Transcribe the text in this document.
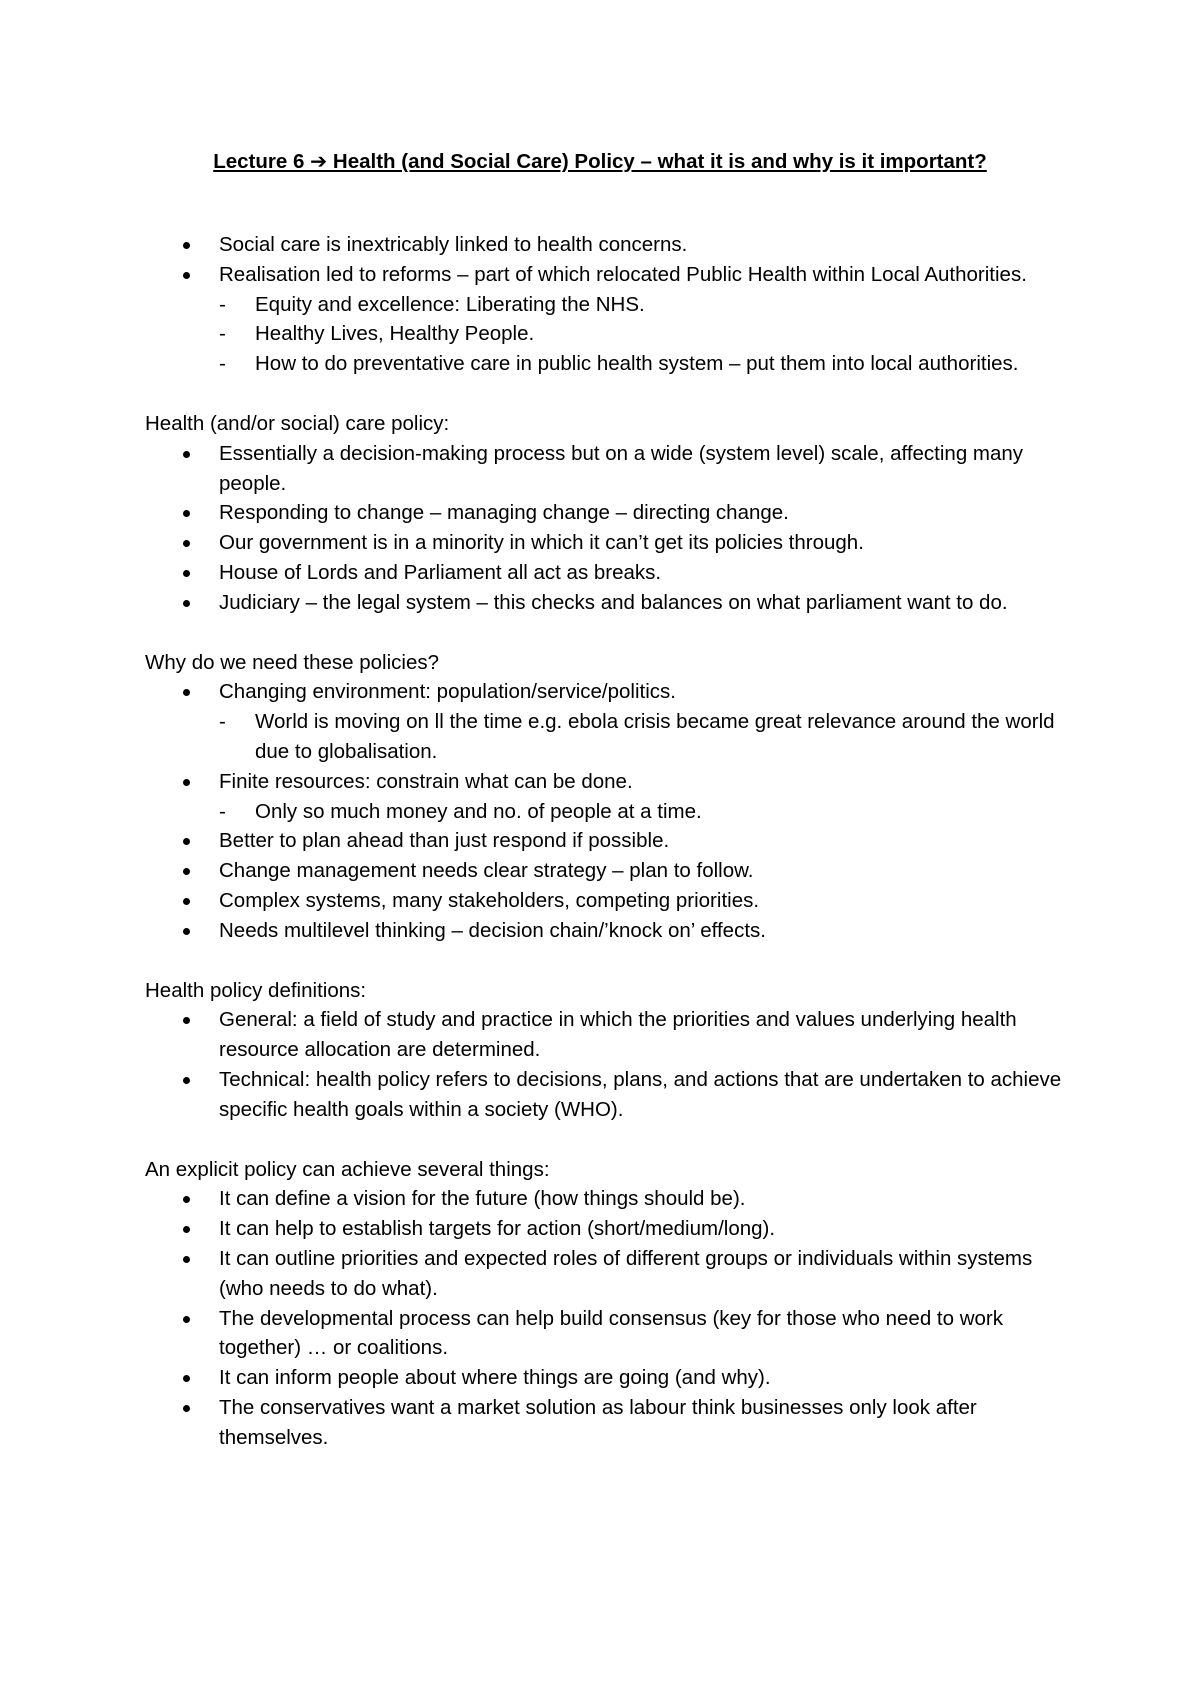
Lecture 6 ➔ Health (and Social Care) Policy – what it is and why is it important?
Social care is inextricably linked to health concerns.
Realisation led to reforms – part of which relocated Public Health within Local Authorities.
- Equity and excellence: Liberating the NHS.
- Healthy Lives, Healthy People.
- How to do preventative care in public health system – put them into local authorities.
Health (and/or social) care policy:
Essentially a decision-making process but on a wide (system level) scale, affecting many people.
Responding to change – managing change – directing change.
Our government is in a minority in which it can’t get its policies through.
House of Lords and Parliament all act as breaks.
Judiciary – the legal system – this checks and balances on what parliament want to do.
Why do we need these policies?
Changing environment: population/service/politics.
- World is moving on ll the time e.g. ebola crisis became great relevance around the world due to globalisation.
Finite resources: constrain what can be done.
- Only so much money and no. of people at a time.
Better to plan ahead than just respond if possible.
Change management needs clear strategy – plan to follow.
Complex systems, many stakeholders, competing priorities.
Needs multilevel thinking – decision chain/’knock on’ effects.
Health policy definitions:
General: a field of study and practice in which the priorities and values underlying health resource allocation are determined.
Technical: health policy refers to decisions, plans, and actions that are undertaken to achieve specific health goals within a society (WHO).
An explicit policy can achieve several things:
It can define a vision for the future (how things should be).
It can help to establish targets for action (short/medium/long).
It can outline priorities and expected roles of different groups or individuals within systems (who needs to do what).
The developmental process can help build consensus (key for those who need to work together) … or coalitions.
It can inform people about where things are going (and why).
The conservatives want a market solution as labour think businesses only look after themselves.
